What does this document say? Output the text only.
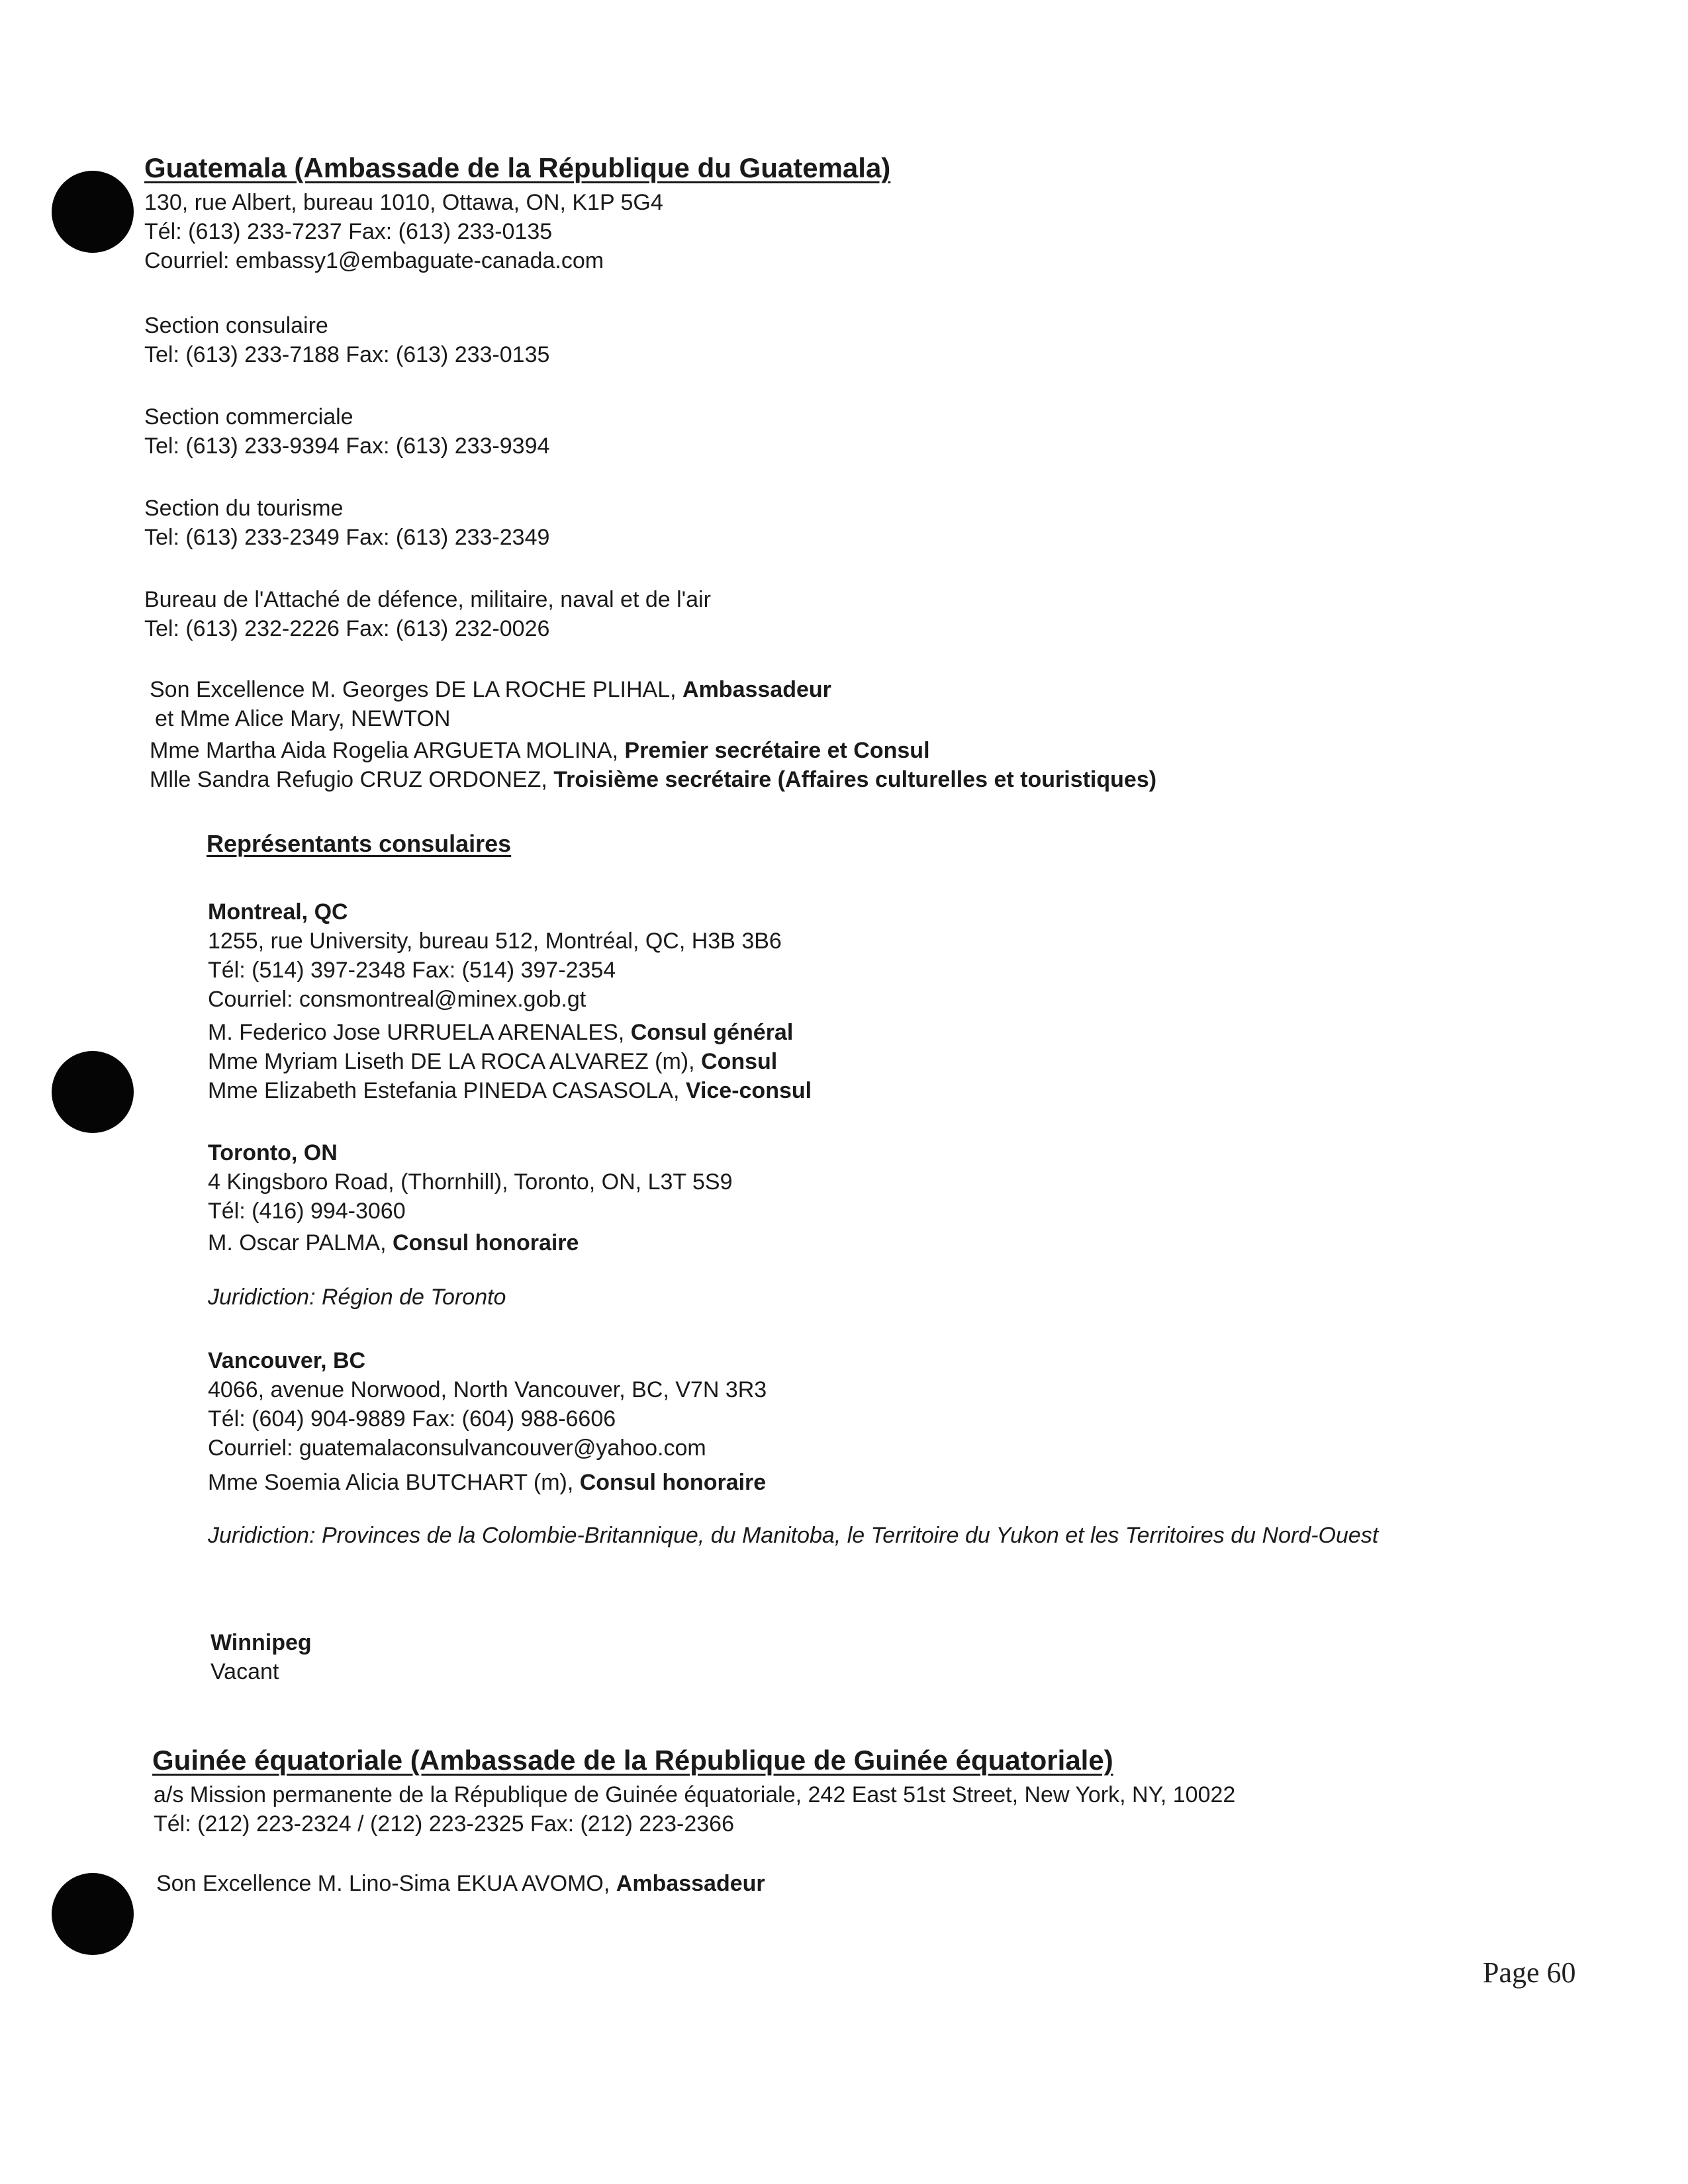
Guatemala (Ambassade de la République du Guatemala)
130, rue Albert, bureau 1010, Ottawa, ON, K1P 5G4
Tél: (613) 233-7237 Fax: (613) 233-0135
Courriel: embassy1@embaguate-canada.com
Section consulaire
Tel: (613) 233-7188 Fax: (613) 233-0135
Section commerciale
Tel: (613) 233-9394 Fax: (613) 233-9394
Section du tourisme
Tel: (613) 233-2349 Fax: (613) 233-2349
Bureau de l'Attaché de défence, militaire, naval et de l'air
Tel: (613) 232-2226 Fax: (613) 232-0026
Son Excellence M. Georges DE LA ROCHE PLIHAL, Ambassadeur
et Mme Alice Mary, NEWTON
Mme Martha Aida Rogelia ARGUETA MOLINA, Premier secrétaire et Consul
Mlle Sandra Refugio CRUZ ORDONEZ, Troisième secrétaire (Affaires culturelles et touristiques)
Représentants consulaires
Montreal, QC
1255, rue University, bureau 512, Montréal, QC, H3B 3B6
Tél: (514) 397-2348 Fax: (514) 397-2354
Courriel: consmontreal@minex.gob.gt
M. Federico Jose URRUELA ARENALES, Consul général
Mme Myriam Liseth DE LA ROCA ALVAREZ (m), Consul
Mme Elizabeth Estefania PINEDA CASASOLA, Vice-consul
Toronto, ON
4 Kingsboro Road, (Thornhill), Toronto, ON, L3T 5S9
Tél: (416) 994-3060
M. Oscar PALMA, Consul honoraire
Juridiction: Région de Toronto
Vancouver, BC
4066, avenue Norwood, North Vancouver, BC, V7N 3R3
Tél: (604) 904-9889 Fax: (604) 988-6606
Courriel: guatemalaconsulvancouver@yahoo.com
Mme Soemia Alicia BUTCHART (m), Consul honoraire
Juridiction: Provinces de la Colombie-Britannique, du Manitoba, le Territoire du Yukon et les Territoires du Nord-Ouest
Winnipeg
Vacant
Guinée équatoriale (Ambassade de la République de Guinée équatoriale)
a/s Mission permanente de la République de Guinée équatoriale, 242 East 51st Street, New York, NY, 10022
Tél: (212) 223-2324 / (212) 223-2325 Fax: (212) 223-2366
Son Excellence M. Lino-Sima EKUA AVOMO, Ambassadeur
Page 60
